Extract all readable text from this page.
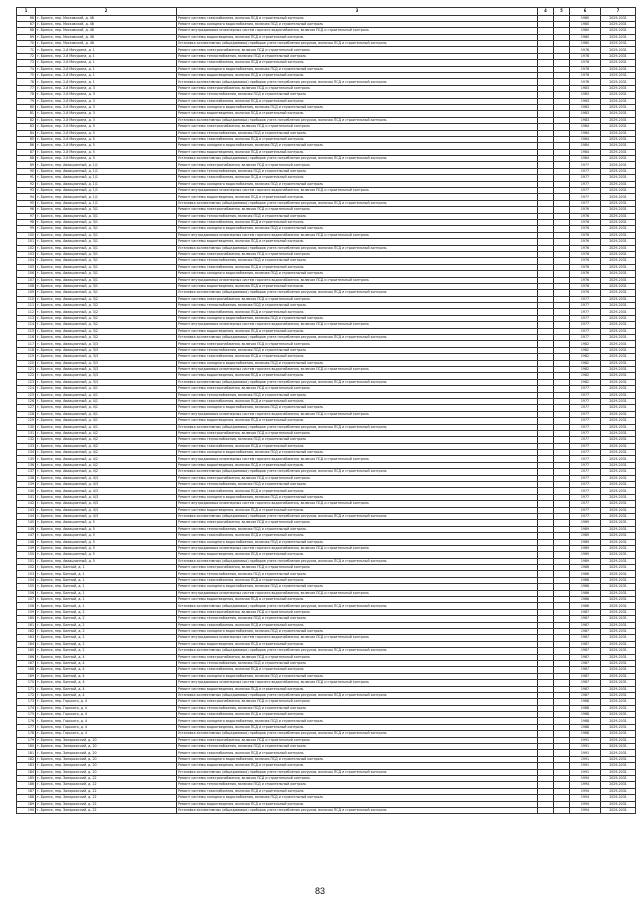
1	2	3	4	5	6	7
66	г. Брянск, пер. Московский, д. 48	Ремонт системы газоснабжения, включая ПСД и строительный контроль			1980	2029-2031
67	г. Брянск, пер. Московский, д. 48	Ремонт системы холодного водоснабжения, включая ПСД и строительный контроль			1980	2029-2031
68	г. Брянск, пер. Московский, д. 48	Ремонт внутридомовых инженерных систем горячего водоснабжения, включая ПСД и строительный контроль			1980	2029-2031
69	г. Брянск, пер. Московский, д. 48	Ремонт системы водоотведения, включая ПСД и строительный контроль			1980	2029-2031
70	г. Брянск, пер. Московский, д. 48	Установка коллективных (общедомовых) приборов учета потребления ресурсов, включая ПСД и строительный контроль			1980	2029-2031
71	г. Брянск, пер. 2-й Мичурина, д. 1	Ремонт системы электроснабжения, включая ПСД и строительный контроль			1978	2029-2031
72	г. Брянск, пер. 2-й Мичурина, д. 1	Ремонт системы теплоснабжения, включая ПСД и строительный контроль			1978	2029-2031
73	г. Брянск, пер. 2-й Мичурина, д. 1	Ремонт системы газоснабжения, включая ПСД и строительный контроль			1978	2029-2031
74	г. Брянск, пер. 2-й Мичурина, д. 1	Ремонт системы холодного водоснабжения, включая ПСД и строительный контроль			1978	2029-2031
75	г. Брянск, пер. 2-й Мичурина, д. 1	Ремонт системы водоотведения, включая ПСД и строительный контроль			1978	2029-2031
76	г. Брянск, пер. 2-й Мичурина, д. 1	Установка коллективных (общедомовых) приборов учета потребления ресурсов, включая ПСД и строительный контроль			1978	2029-2031
77	г. Брянск, пер. 2-й Мичурина, д. 3	Ремонт системы электроснабжения, включая ПСД и строительный контроль			1983	2029-2031
78	г. Брянск, пер. 2-й Мичурина, д. 3	Ремонт системы теплоснабжения, включая ПСД и строительный контроль			1983	2029-2031
79	г. Брянск, пер. 2-й Мичурина, д. 3	Ремонт системы газоснабжения, включая ПСД и строительный контроль			1983	2029-2031
80	г. Брянск, пер. 2-й Мичурина, д. 3	Ремонт системы холодного водоснабжения, включая ПСД и строительный контроль			1983	2029-2031
81	г. Брянск, пер. 2-й Мичурина, д. 3	Ремонт системы водоотведения, включая ПСД и строительный контроль			1983	2029-2031
82	г. Брянск, пер. 2-й Мичурина, д. 3	Установка коллективных (общедомовых) приборов учета потребления ресурсов, включая ПСД и строительный контроль			1983	2029-2031
83	г. Брянск, пер. 2-й Мичурина, д. 5	Ремонт системы электроснабжения, включая ПСД и строительный контроль			1984	2029-2031
84	г. Брянск, пер. 2-й Мичурина, д. 5	Ремонт системы теплоснабжения, включая ПСД и строительный контроль			1984	2029-2031
85	г. Брянск, пер. 2-й Мичурина, д. 5	Ремонт системы газоснабжения, включая ПСД и строительный контроль			1984	2029-2031
86	г. Брянск, пер. 2-й Мичурина, д. 5	Ремонт системы холодного водоснабжения, включая ПСД и строительный контроль			1984	2029-2031
87	г. Брянск, пер. 2-й Мичурина, д. 5	Ремонт системы водоотведения, включая ПСД и строительный контроль			1984	2029-2031
88	г. Брянск, пер. 2-й Мичурина, д. 5	Установка коллективных (общедомовых) приборов учета потребления ресурсов, включая ПСД и строительный контроль			1984	2029-2031
89	г. Брянск, пер. Авиационный, д. 1/1	Ремонт системы электроснабжения, включая ПСД и строительный контроль			1977	2029-2031
90	г. Брянск, пер. Авиационный, д. 1/1	Ремонт системы теплоснабжения, включая ПСД и строительный контроль			1977	2029-2031
91	г. Брянск, пер. Авиационный, д. 1/1	Ремонт системы газоснабжения, включая ПСД и строительный контроль			1977	2029-2031
92	г. Брянск, пер. Авиационный, д. 1/1	Ремонт системы холодного водоснабжения, включая ПСД и строительный контроль			1977	2029-2031
93	г. Брянск, пер. Авиационный, д. 1/1	Ремонт внутридомовых инженерных систем горячего водоснабжения, включая ПСД и строительный контроль			1977	2029-2031
94	г. Брянск, пер. Авиационный, д. 1/1	Ремонт системы водоотведения, включая ПСД и строительный контроль			1977	2029-2031
95	г. Брянск, пер. Авиационный, д. 1/1	Установка коллективных (общедомовых) приборов учета потребления ресурсов, включая ПСД и строительный контроль			1977	2029-2031
96	г. Брянск, пер. Авиационный, д. 3/1	Ремонт системы электроснабжения, включая ПСД и строительный контроль			1976	2029-2031
97	г. Брянск, пер. Авиационный, д. 3/1	Ремонт системы теплоснабжения, включая ПСД и строительный контроль			1976	2029-2031
98	г. Брянск, пер. Авиационный, д. 3/1	Ремонт системы газоснабжения, включая ПСД и строительный контроль			1976	2029-2031
99	г. Брянск, пер. Авиационный, д. 3/1	Ремонт системы холодного водоснабжения, включая ПСД и строительный контроль			1976	2029-2031
100	г. Брянск, пер. Авиационный, д. 3/1	Ремонт внутридомовых инженерных систем горячего водоснабжения, включая ПСД и строительный контроль			1976	2029-2031
101	г. Брянск, пер. Авиационный, д. 3/1	Ремонт системы водоотведения, включая ПСД и строительный контроль			1976	2029-2031
102	г. Брянск, пер. Авиационный, д. 3/1	Установка коллективных (общедомовых) приборов учета потребления ресурсов, включая ПСД и строительный контроль			1976	2029-2031
103	г. Брянск, пер. Авиационный, д. 3/1	Ремонт системы электроснабжения, включая ПСД и строительный контроль			1976	2029-2031
104	г. Брянск, пер. Авиационный, д. 3/1	Ремонт системы теплоснабжения, включая ПСД и строительный контроль			1976	2029-2031
105	г. Брянск, пер. Авиационный, д. 3/1	Ремонт системы газоснабжения, включая ПСД и строительный контроль			1976	2029-2031
106	г. Брянск, пер. Авиационный, д. 3/1	Ремонт системы холодного водоснабжения, включая ПСД и строительный контроль			1976	2029-2031
107	г. Брянск, пер. Авиационный, д. 3/1	Ремонт внутридомовых инженерных систем горячего водоснабжения, включая ПСД и строительный контроль			1976	2029-2031
108	г. Брянск, пер. Авиационный, д. 3/1	Ремонт системы водоотведения, включая ПСД и строительный контроль			1976	2029-2031
109	г. Брянск, пер. Авиационный, д. 3/1	Установка коллективных (общедомовых) приборов учета потребления ресурсов, включая ПСД и строительный контроль			1976	2029-2031
110	г. Брянск, пер. Авиационный, д. 3/2	Ремонт системы электроснабжения, включая ПСД и строительный контроль			1977	2029-2031
111	г. Брянск, пер. Авиационный, д. 3/2	Ремонт системы теплоснабжения, включая ПСД и строительный контроль			1977	2029-2031
112	г. Брянск, пер. Авиационный, д. 3/2	Ремонт системы газоснабжения, включая ПСД и строительный контроль			1977	2029-2031
113	г. Брянск, пер. Авиационный, д. 3/2	Ремонт системы холодного водоснабжения, включая ПСД и строительный контроль			1977	2029-2031
114	г. Брянск, пер. Авиационный, д. 3/2	Ремонт внутридомовых инженерных систем горячего водоснабжения, включая ПСД и строительный контроль			1977	2029-2031
115	г. Брянск, пер. Авиационный, д. 3/2	Ремонт системы водоотведения, включая ПСД и строительный контроль			1977	2029-2031
116	г. Брянск, пер. Авиационный, д. 3/2	Установка коллективных (общедомовых) приборов учета потребления ресурсов, включая ПСД и строительный контроль			1977	2029-2031
117	г. Брянск, пер. Авиационный, д. 3/3	Ремонт системы электроснабжения, включая ПСД и строительный контроль			1982	2029-2031
118	г. Брянск, пер. Авиационный, д. 3/3	Ремонт системы теплоснабжения, включая ПСД и строительный контроль			1982	2029-2031
119	г. Брянск, пер. Авиационный, д. 3/3	Ремонт системы газоснабжения, включая ПСД и строительный контроль			1982	2029-2031
120	г. Брянск, пер. Авиационный, д. 3/3	Ремонт системы холодного водоснабжения, включая ПСД и строительный контроль			1982	2029-2031
121	г. Брянск, пер. Авиационный, д. 3/3	Ремонт внутридомовых инженерных систем горячего водоснабжения, включая ПСД и строительный контроль			1982	2029-2031
122	г. Брянск, пер. Авиационный, д. 3/3	Ремонт системы водоотведения, включая ПСД и строительный контроль			1982	2029-2031
123	г. Брянск, пер. Авиационный, д. 3/3	Установка коллективных (общедомовых) приборов учета потребления ресурсов, включая ПСД и строительный контроль			1982	2029-2031
124	г. Брянск, пер. Авиационный, д. 4/1	Ремонт системы электроснабжения, включая ПСД и строительный контроль			1977	2029-2031
125	г. Брянск, пер. Авиационный, д. 4/1	Ремонт системы теплоснабжения, включая ПСД и строительный контроль			1977	2029-2031
126	г. Брянск, пер. Авиационный, д. 4/1	Ремонт системы газоснабжения, включая ПСД и строительный контроль			1977	2029-2031
127	г. Брянск, пер. Авиационный, д. 4/1	Ремонт системы холодного водоснабжения, включая ПСД и строительный контроль			1977	2029-2031
128	г. Брянск, пер. Авиационный, д. 4/1	Ремонт внутридомовых инженерных систем горячего водоснабжения, включая ПСД и строительный контроль			1977	2029-2031
129	г. Брянск, пер. Авиационный, д. 4/1	Ремонт системы водоотведения, включая ПСД и строительный контроль			1977	2029-2031
130	г. Брянск, пер. Авиационный, д. 4/1	Установка коллективных (общедомовых) приборов учета потребления ресурсов, включая ПСД и строительный контроль			1977	2029-2031
131	г. Брянск, пер. Авиационный, д. 4/2	Ремонт системы электроснабжения, включая ПСД и строительный контроль			1977	2029-2031
132	г. Брянск, пер. Авиационный, д. 4/2	Ремонт системы теплоснабжения, включая ПСД и строительный контроль			1977	2029-2031
133	г. Брянск, пер. Авиационный, д. 4/2	Ремонт системы газоснабжения, включая ПСД и строительный контроль			1977	2029-2031
134	г. Брянск, пер. Авиационный, д. 4/2	Ремонт системы холодного водоснабжения, включая ПСД и строительный контроль			1977	2029-2031
135	г. Брянск, пер. Авиационный, д. 4/2	Ремонт внутридомовых инженерных систем горячего водоснабжения, включая ПСД и строительный контроль			1977	2029-2031
136	г. Брянск, пер. Авиационный, д. 4/2	Ремонт системы водоотведения, включая ПСД и строительный контроль			1977	2029-2031
137	г. Брянск, пер. Авиационный, д. 4/2	Установка коллективных (общедомовых) приборов учета потребления ресурсов, включая ПСД и строительный контроль			1977	2029-2031
138	г. Брянск, пер. Авиационный, д. 4/3	Ремонт системы электроснабжения, включая ПСД и строительный контроль			1977	2029-2031
139	г. Брянск, пер. Авиационный, д. 4/3	Ремонт системы теплоснабжения, включая ПСД и строительный контроль			1977	2029-2031
140	г. Брянск, пер. Авиационный, д. 4/3	Ремонт системы газоснабжения, включая ПСД и строительный контроль			1977	2029-2031
141	г. Брянск, пер. Авиационный, д. 4/3	Ремонт системы холодного водоснабжения, включая ПСД и строительный контроль			1977	2029-2031
142	г. Брянск, пер. Авиационный, д. 4/3	Ремонт внутридомовых инженерных систем горячего водоснабжения, включая ПСД и строительный контроль			1977	2029-2031
143	г. Брянск, пер. Авиационный, д. 4/3	Ремонт системы водоотведения, включая ПСД и строительный контроль			1977	2029-2031
144	г. Брянск, пер. Авиационный, д. 4/3	Установка коллективных (общедомовых) приборов учета потребления ресурсов, включая ПСД и строительный контроль			1977	2029-2031
145	г. Брянск, пер. Авиационный, д. 5	Ремонт системы электроснабжения, включая ПСД и строительный контроль			1989	2029-2031
146	г. Брянск, пер. Авиационный, д. 5	Ремонт системы теплоснабжения, включая ПСД и строительный контроль			1989	2029-2031
147	г. Брянск, пер. Авиационный, д. 5	Ремонт системы газоснабжения, включая ПСД и строительный контроль			1989	2029-2031
148	г. Брянск, пер. Авиационный, д. 5	Ремонт системы холодного водоснабжения, включая ПСД и строительный контроль			1989	2029-2031
149	г. Брянск, пер. Авиационный, д. 5	Ремонт внутридомовых инженерных систем горячего водоснабжения, включая ПСД и строительный контроль			1989	2029-2031
150	г. Брянск, пер. Авиационный, д. 5	Ремонт системы водоотведения, включая ПСД и строительный контроль			1989	2029-2031
151	г. Брянск, пер. Авиационный, д. 5	Установка коллективных (общедомовых) приборов учета потребления ресурсов, включая ПСД и строительный контроль			1989	2029-2031
152	г. Брянск, пер. Банный, д. 1	Ремонт системы электроснабжения, включая ПСД и строительный контроль			1986	2029-2031
153	г. Брянск, пер. Банный, д. 1	Ремонт системы теплоснабжения, включая ПСД и строительный контроль			1986	2029-2031
154	г. Брянск, пер. Банный, д. 1	Ремонт системы газоснабжения, включая ПСД и строительный контроль			1986	2029-2031
155	г. Брянск, пер. Банный, д. 1	Ремонт системы холодного водоснабжения, включая ПСД и строительный контроль			1986	2029-2031
156	г. Брянск, пер. Банный, д. 1	Ремонт внутридомовых инженерных систем горячего водоснабжения, включая ПСД и строительный контроль			1986	2029-2031
157	г. Брянск, пер. Банный, д. 1	Ремонт системы водоотведения, включая ПСД и строительный контроль			1986	2029-2031
158	г. Брянск, пер. Банный, д. 1	Установка коллективных (общедомовых) приборов учета потребления ресурсов, включая ПСД и строительный контроль			1986	2029-2031
159	г. Брянск, пер. Банный, д. 2	Ремонт системы электроснабжения, включая ПСД и строительный контроль			1987	2029-2031
160	г. Брянск, пер. Банный, д. 2	Ремонт системы теплоснабжения, включая ПСД и строительный контроль			1987	2029-2031
161	г. Брянск, пер. Банный, д. 2	Ремонт системы газоснабжения, включая ПСД и строительный контроль			1987	2029-2031
162	г. Брянск, пер. Банный, д. 2	Ремонт системы холодного водоснабжения, включая ПСД и строительный контроль			1987	2029-2031
163	г. Брянск, пер. Банный, д. 2	Ремонт внутридомовых инженерных систем горячего водоснабжения, включая ПСД и строительный контроль			1987	2029-2031
164	г. Брянск, пер. Банный, д. 2	Ремонт системы водоотведения, включая ПСД и строительный контроль			1987	2029-2031
165	г. Брянск, пер. Банный, д. 2	Установка коллективных (общедомовых) приборов учета потребления ресурсов, включая ПСД и строительный контроль			1987	2029-2031
166	г. Брянск, пер. Банный, д. 4	Ремонт системы электроснабжения, включая ПСД и строительный контроль			1987	2029-2031
167	г. Брянск, пер. Банный, д. 4	Ремонт системы теплоснабжения, включая ПСД и строительный контроль			1987	2029-2031
168	г. Брянск, пер. Банный, д. 4	Ремонт системы газоснабжения, включая ПСД и строительный контроль			1987	2029-2031
169	г. Брянск, пер. Банный, д. 4	Ремонт системы холодного водоснабжения, включая ПСД и строительный контроль			1987	2029-2031
170	г. Брянск, пер. Банный, д. 4	Ремонт внутридомовых инженерных систем горячего водоснабжения, включая ПСД и строительный контроль			1987	2029-2031
171	г. Брянск, пер. Банный, д. 4	Ремонт системы водоотведения, включая ПСД и строительный контроль			1987	2029-2031
172	г. Брянск, пер. Банный, д. 4	Установка коллективных (общедомовых) приборов учета потребления ресурсов, включая ПСД и строительный контроль			1987	2029-2031
173	г. Брянск, пер. Горького, д. 4	Ремонт системы электроснабжения, включая ПСД и строительный контроль			1988	2029-2031
174	г. Брянск, пер. Горького, д. 4	Ремонт системы теплоснабжения, включая ПСД и строительный контроль			1988	2029-2031
175	г. Брянск, пер. Горького, д. 4	Ремонт системы газоснабжения, включая ПСД и строительный контроль			1988	2029-2031
176	г. Брянск, пер. Горького, д. 4	Ремонт системы холодного водоснабжения, включая ПСД и строительный контроль			1988	2029-2031
177	г. Брянск, пер. Горького, д. 4	Ремонт системы водоотведения, включая ПСД и строительный контроль			1988	2029-2031
178	г. Брянск, пер. Горького, д. 4	Установка коллективных (общедомовых) приборов учета потребления ресурсов, включая ПСД и строительный контроль			1988	2029-2031
179	г. Брянск, пер. Запорожский, д. 20	Ремонт системы электроснабжения, включая ПСД и строительный контроль			1991	2029-2031
180	г. Брянск, пер. Запорожский, д. 20	Ремонт системы теплоснабжения, включая ПСД и строительный контроль			1991	2029-2031
181	г. Брянск, пер. Запорожский, д. 20	Ремонт системы газоснабжения, включая ПСД и строительный контроль			1991	2029-2031
182	г. Брянск, пер. Запорожский, д. 20	Ремонт системы холодного водоснабжения, включая ПСД и строительный контроль			1991	2029-2031
183	г. Брянск, пер. Запорожский, д. 20	Ремонт системы водоотведения, включая ПСД и строительный контроль			1991	2029-2031
184	г. Брянск, пер. Запорожский, д. 20	Установка коллективных (общедомовых) приборов учета потребления ресурсов, включая ПСД и строительный контроль			1991	2029-2031
185	г. Брянск, пер. Запорожский, д. 22	Ремонт системы электроснабжения, включая ПСД и строительный контроль			1994	2029-2031
186	г. Брянск, пер. Запорожский, д. 22	Ремонт системы теплоснабжения, включая ПСД и строительный контроль			1994	2029-2031
187	г. Брянск, пер. Запорожский, д. 22	Ремонт системы газоснабжения, включая ПСД и строительный контроль			1994	2029-2031
188	г. Брянск, пер. Запорожский, д. 22	Ремонт системы холодного водоснабжения, включая ПСД и строительный контроль			1994	2029-2031
189	г. Брянск, пер. Запорожский, д. 22	Ремонт системы водоотведения, включая ПСД и строительный контроль			1994	2029-2031
190	г. Брянск, пер. Запорожский, д. 22	Установка коллективных (общедомовых) приборов учета потребления ресурсов, включая ПСД и строительный контроль			1994	2029-2031
83
